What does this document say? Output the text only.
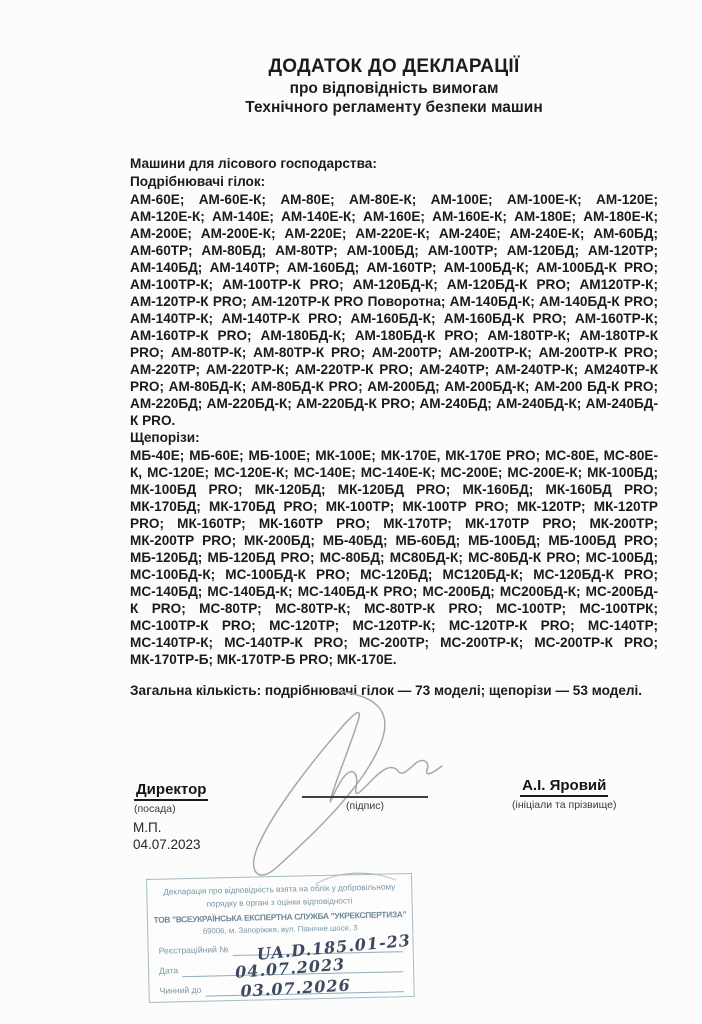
ДОДАТОК ДО ДЕКЛАРАЦІЇ
про відповідність вимогам
Технічного регламенту безпеки машин
Машини для лісового господарства:
Подрібнювачі гілок:

АМ-60Е; АМ-60Е-К; АМ-80Е; АМ-80Е-К; АМ-100Е; АМ-100Е-К; АМ-120Е; АМ-120Е-К; АМ-140Е; АМ-140Е-К; АМ-160Е; АМ-160Е-К; АМ-180Е; АМ-180Е-К; АМ-200Е; АМ-200Е-К; АМ-220Е; АМ-220Е-К; АМ-240Е; АМ-240Е-К; АМ-60БД; АМ-60ТР; АМ-80БД; АМ-80ТР; АМ-100БД; АМ-100ТР; АМ-120БД; АМ-120ТР; АМ-140БД; АМ-140ТР; АМ-160БД; АМ-160ТР; АМ-100БД-К; АМ-100БД-К PRO; АМ-100ТР-К; АМ-100ТР-К PRO; АМ-120БД-К; АМ-120БД-К PRO; АМ120ТР-К; АМ-120ТР-К PRO; АМ-120ТР-К PRO Поворотна; АМ-140БД-К; АМ-140БД-К PRO; АМ-140ТР-К; АМ-140ТР-К PRO; АМ-160БД-К; АМ-160БД-К PRO; АМ-160ТР-К; АМ-160ТР-К PRO; АМ-180БД-К; АМ-180БД-К PRO; АМ-180ТР-К; АМ-180ТР-К PRO; АМ-80ТР-К; АМ-80ТР-К PRO; АМ-200ТР; АМ-200ТР-К; АМ-200ТР-К PRO; АМ-220ТР; АМ-220ТР-К; АМ-220ТР-К PRO; АМ-240ТР; АМ-240ТР-К; АМ240ТР-К PRO; АМ-80БД-К; АМ-80БД-К PRO; АМ-200БД; АМ-200БД-К; АМ-200 БД-К PRO; АМ-220БД; АМ-220БД-К; АМ-220БД-К PRO; АМ-240БД; АМ-240БД-К; АМ-240БД-К PRO.

Щепорізи:

МБ-40Е; МБ-60Е; МБ-100Е; МК-100Е; МК-170Е, МК-170Е PRO; МС-80Е, МС-80Е-К, МС-120Е; МС-120Е-К; МС-140Е; МС-140Е-К; МС-200Е; МС-200Е-К; МК-100БД; МК-100БД PRO; МК-120БД; МК-120БД PRO; МК-160БД; МК-160БД PRO; МК-170БД; МК-170БД PRO; МК-100ТР; МК-100ТР PRO; МК-120ТР; МК-120ТР PRO; МК-160ТР; МК-160ТР PRO; МК-170ТР; МК-170ТР PRO; МК-200ТР; МК-200ТР PRO; МК-200БД; МБ-40БД; МБ-60БД; МБ-100БД; МБ-100БД PRO; МБ-120БД; МБ-120БД PRO; МС-80БД; МС80БД-К; МС-80БД-К PRO; МС-100БД; МС-100БД-К; МС-100БД-К PRO; МС-120БД; МС120БД-К; МС-120БД-К PRO; МС-140БД; МС-140БД-К; МС-140БД-К PRO; МС-200БД; МС200БД-К; МС-200БД-К PRO; МС-80ТР; МС-80ТР-К; МС-80ТР-К PRO; МС-100ТР; МС-100ТРК; МС-100ТР-К PRO; МС-120ТР; МС-120ТР-К; МС-120ТР-К PRO; МС-140ТР; МС-140ТР-К; МС-140ТР-К PRO; МС-200ТР; МС-200ТР-К; МС-200ТР-К PRO; МК-170ТР-Б; МК-170ТР-Б PRO; МК-170Е.

Загальна кількість: подрібнювачі гілок — 73 моделі; щепорізи — 53 моделі.

Директор
(посада)	(підпис)
А.І. Яровий
(ініціали та прізвище)
М.П.
04.07.2023
Декларація про відповідність взята на облік у добровільному
порядку в органі з оцінки відповідності
ТОВ "ВСЕУКРАЇНСЬКА ЕКСПЕРТНА СЛУЖБА "УКРЕКСПЕРТИЗА"
69006, м. Запоріжжя, вул. Північне шосе, 3
Реєстраційний № UA.D.185.01-23
Дата	04.07.2023
Чинний до 03.07.2026
